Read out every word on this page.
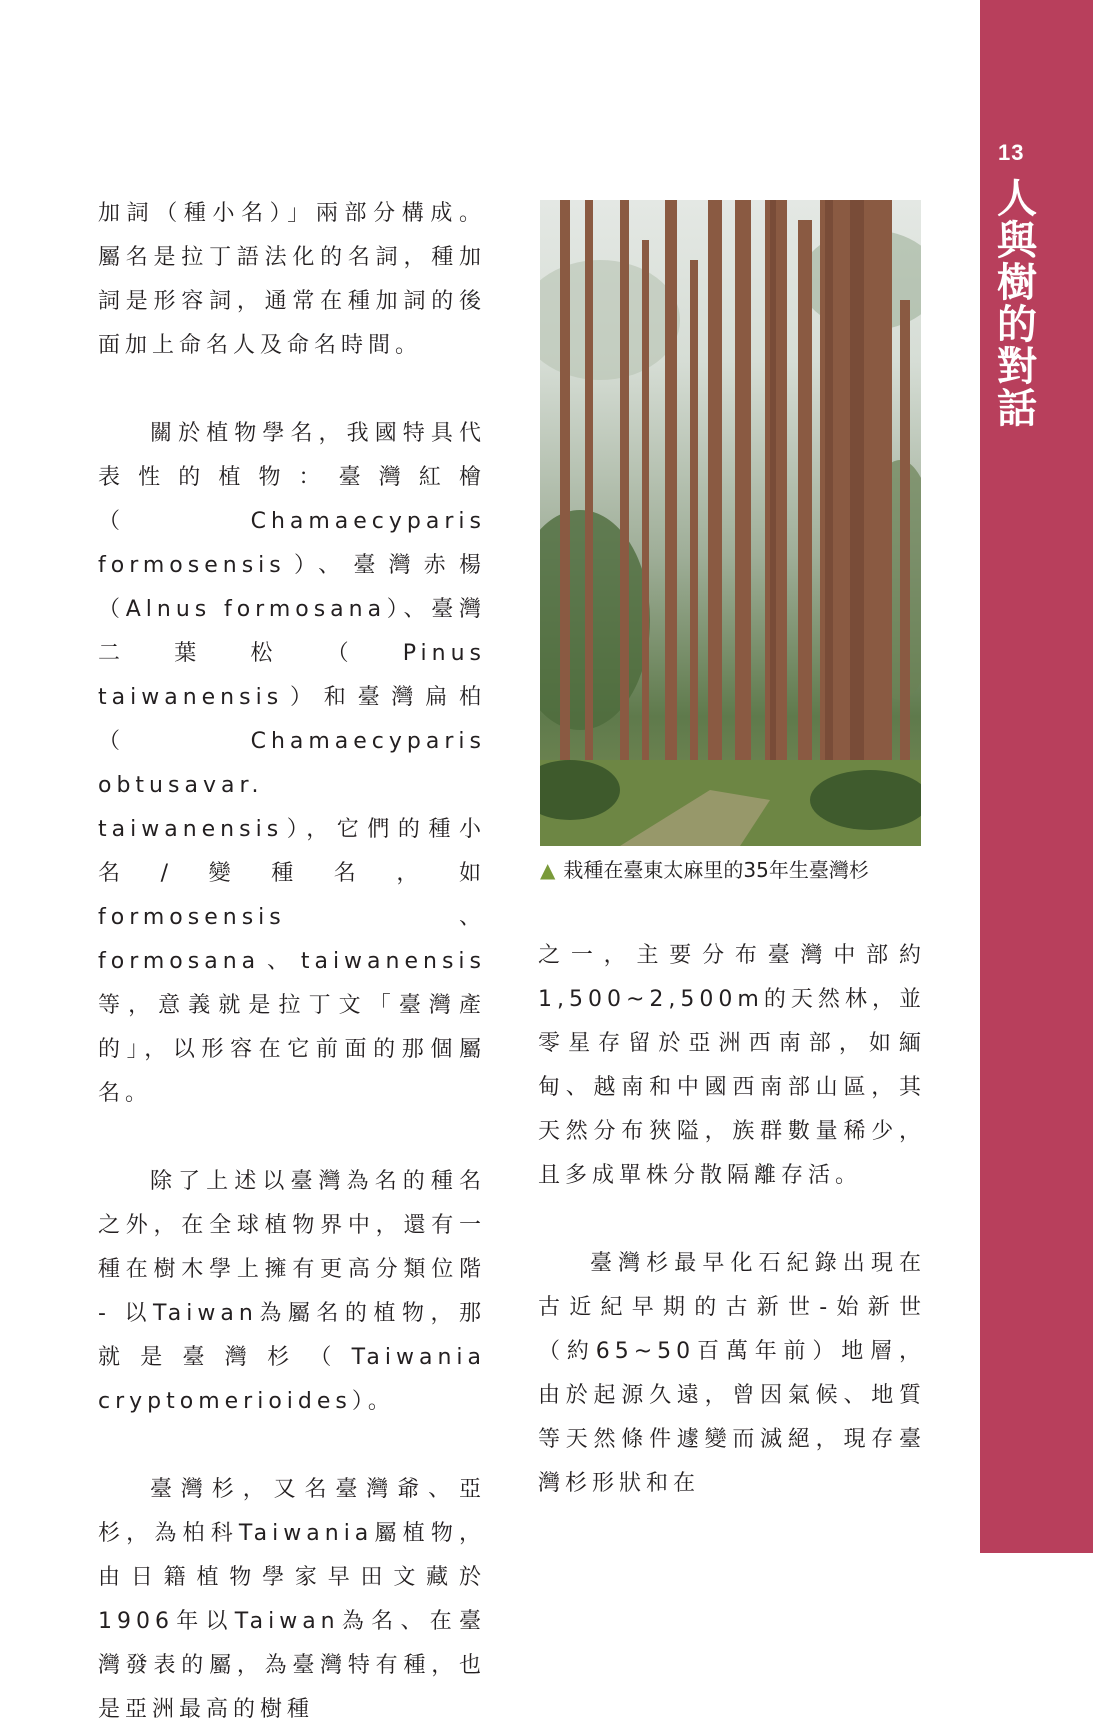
13
人與樹的對話

加詞（種小名）」兩部分構成。屬名是拉丁語法化的名詞，種加詞是形容詞，通常在種加詞的後面加上命名人及命名時間。

關於植物學名，我國特具代表性的植物：臺灣紅檜（Chamaecyparis formosensis）、臺灣赤楊（Alnus formosana）、臺灣二葉松（Pinus taiwanensis）和臺灣扁柏（Chamaecyparis obtusavar. taiwanensis），它們的種小名/變種名，如formosensis、formosana、taiwanensis等，意義就是拉丁文「臺灣產的」，以形容在它前面的那個屬名。

除了上述以臺灣為名的種名之外，在全球植物界中，還有一種在樹木學上擁有更高分類位階 - 以Taiwan為屬名的植物，那就是臺灣杉（Taiwania cryptomerioides）。

臺灣杉，又名臺灣爺、亞杉，為柏科Taiwania屬植物，由日籍植物學家早田文藏於1906年以Taiwan為名、在臺灣發表的屬，為臺灣特有種，也是亞洲最高的樹種

▲ 栽種在臺東太麻里的35年生臺灣杉

之一，主要分布臺灣中部約1,500~2,500m的天然林，並零星存留於亞洲西南部，如緬甸、越南和中國西南部山區，其天然分布狹隘，族群數量稀少，且多成單株分散隔離存活。

臺灣杉最早化石紀錄出現在古近紀早期的古新世-始新世（約65~50百萬年前）地層，由於起源久遠，曾因氣候、地質等天然條件遽變而滅絕，現存臺灣杉形狀和在
